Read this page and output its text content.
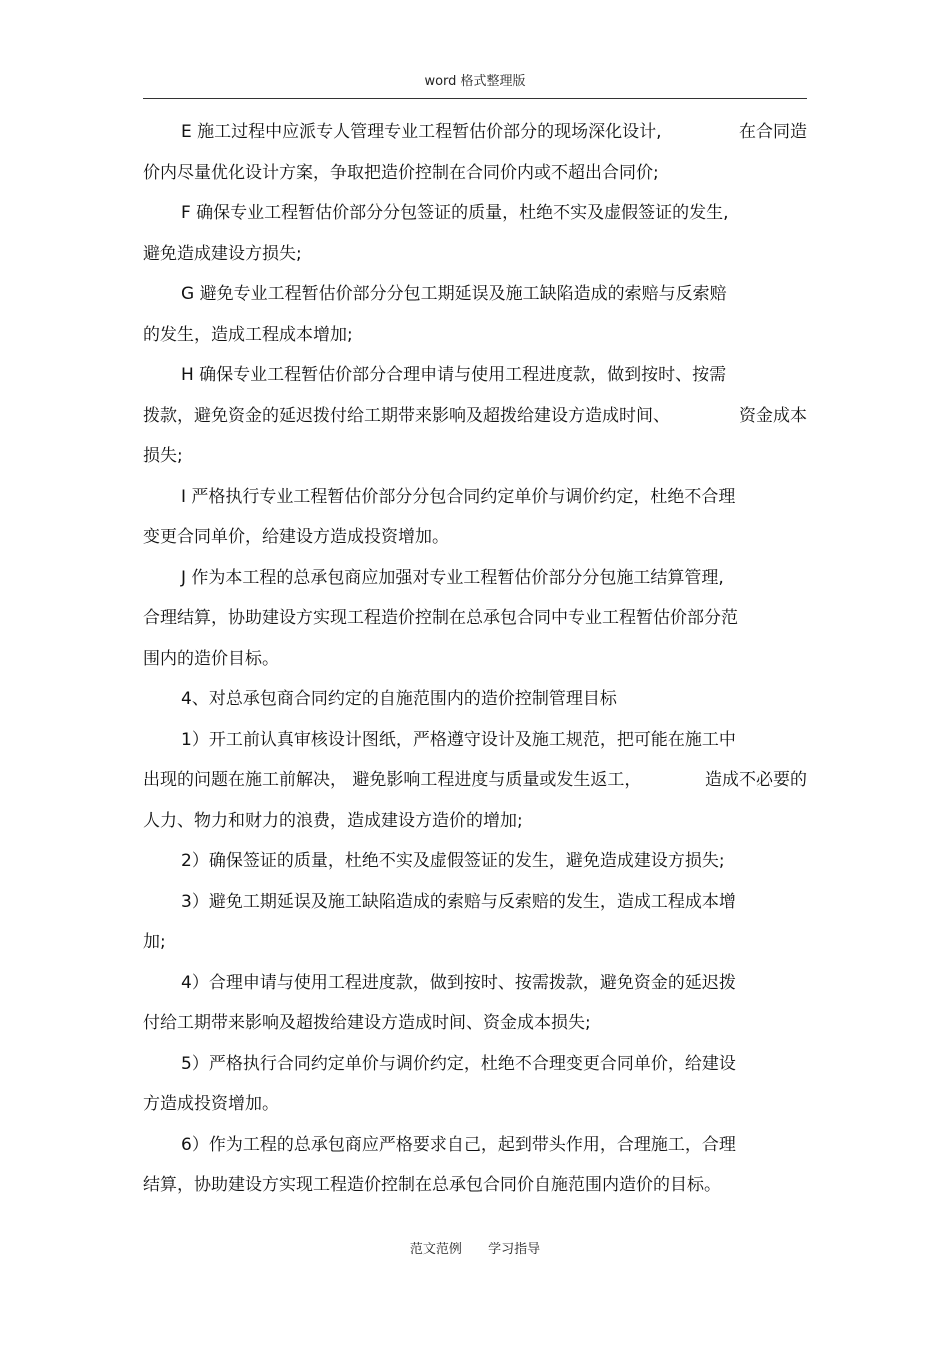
word 格式整理版
E 施工过程中应派专人管理专业工程暂估价部分的现场深化设计,	在合同造
价内尽量优化设计方案，争取把造价控制在合同价内或不超出合同价;
F 确保专业工程暂估价部分分包签证的质量，杜绝不实及虚假签证的发生,
避免造成建设方损失;
G 避免专业工程暂估价部分分包工期延误及施工缺陷造成的索赔与反索赔
的发生，造成工程成本增加;
H 确保专业工程暂估价部分合理申请与使用工程进度款，做到按时、按需
拨款，避免资金的延迟拨付给工期带来影响及超拨给建设方造成时间、	资金成本
损失;
I 严格执行专业工程暂估价部分分包合同约定单价与调价约定，杜绝不合理
变更合同单价，给建设方造成投资增加。
J 作为本工程的总承包商应加强对专业工程暂估价部分分包施工结算管理,
合理结算，协助建设方实现工程造价控制在总承包合同中专业工程暂估价部分范
围内的造价目标。
4、对总承包商合同约定的自施范围内的造价控制管理目标
1）开工前认真审核设计图纸，严格遵守设计及施工规范，把可能在施工中
出现的问题在施工前解决， 避免影响工程进度与质量或发生返工，	造成不必要的
人力、物力和财力的浪费，造成建设方造价的增加;
2）确保签证的质量，杜绝不实及虚假签证的发生，避免造成建设方损失;
3）避免工期延误及施工缺陷造成的索赔与反索赔的发生，造成工程成本增
加;
4）合理申请与使用工程进度款，做到按时、按需拨款，避免资金的延迟拨
付给工期带来影响及超拨给建设方造成时间、资金成本损失;
5）严格执行合同约定单价与调价约定，杜绝不合理变更合同单价，给建设
方造成投资增加。
6）作为工程的总承包商应严格要求自己，起到带头作用，合理施工，合理
结算，协助建设方实现工程造价控制在总承包合同价自施范围内造价的目标。
范文范例 学习指导
